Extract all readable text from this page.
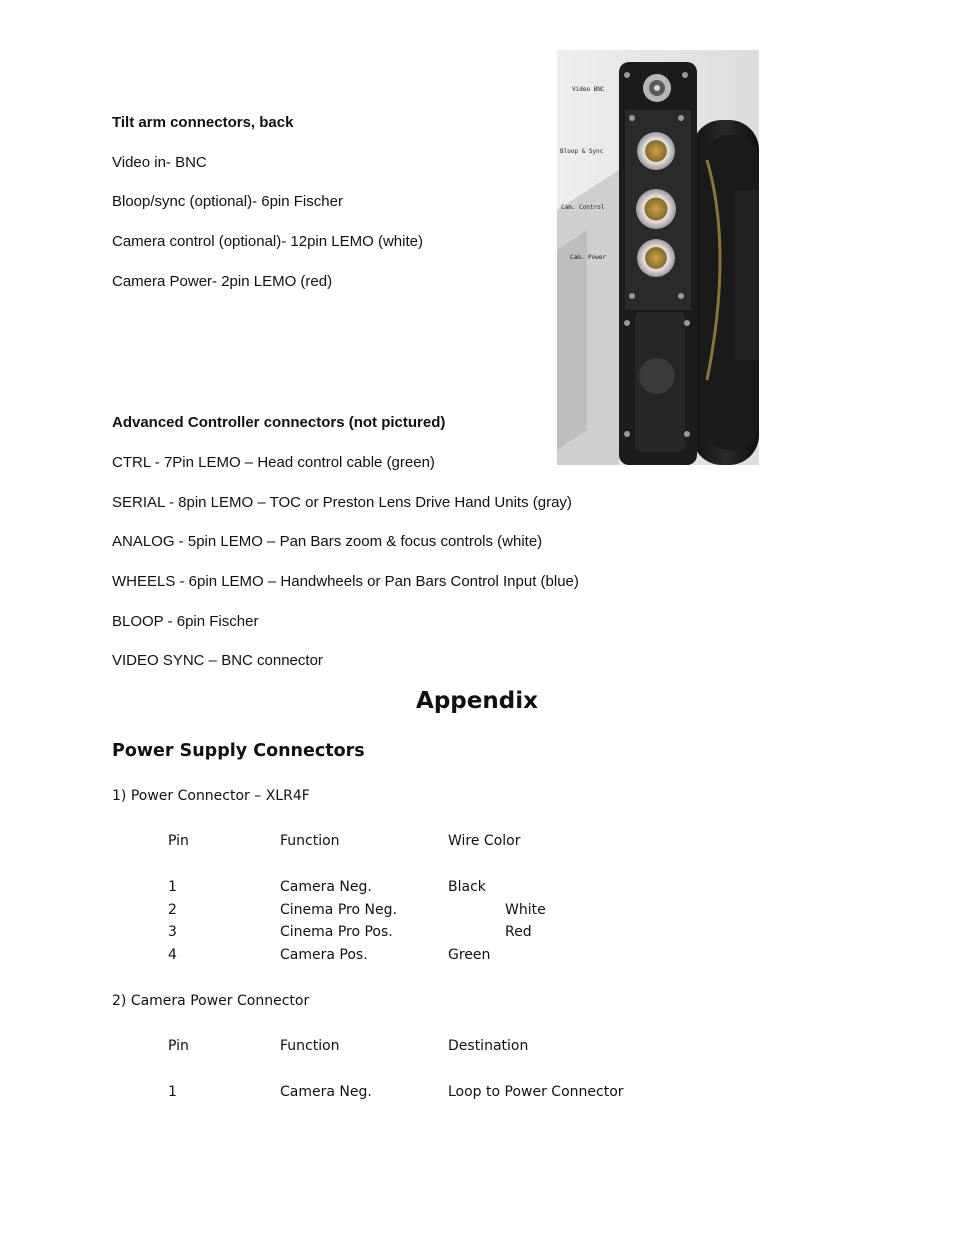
Tilt arm connectors, back
Video in- BNC
Bloop/sync (optional)- 6pin Fischer
Camera control (optional)- 12pin LEMO (white)
Camera Power- 2pin LEMO (red)
Video BNC
Bloop & Sync
Cam. Control
Cam. Power
Advanced Controller connectors (not pictured)
CTRL - 7Pin LEMO – Head control cable (green)
SERIAL - 8pin LEMO – TOC or Preston Lens Drive Hand Units (gray)
ANALOG - 5pin LEMO – Pan Bars zoom & focus controls (white)
WHEELS - 6pin LEMO – Handwheels or Pan Bars Control Input (blue)
BLOOP - 6pin Fischer
VIDEO SYNC – BNC connector
Appendix
Power Supply Connectors
1) Power Connector – XLR4F
Pin	Function	Wire Color
1	Camera Neg.	Black
2	Cinema Pro Neg.	White
3	Cinema Pro Pos.	Red
4	Camera Pos.	Green
2) Camera Power Connector
Pin	Function	Destination
1	Camera Neg.	Loop to Power Connector
